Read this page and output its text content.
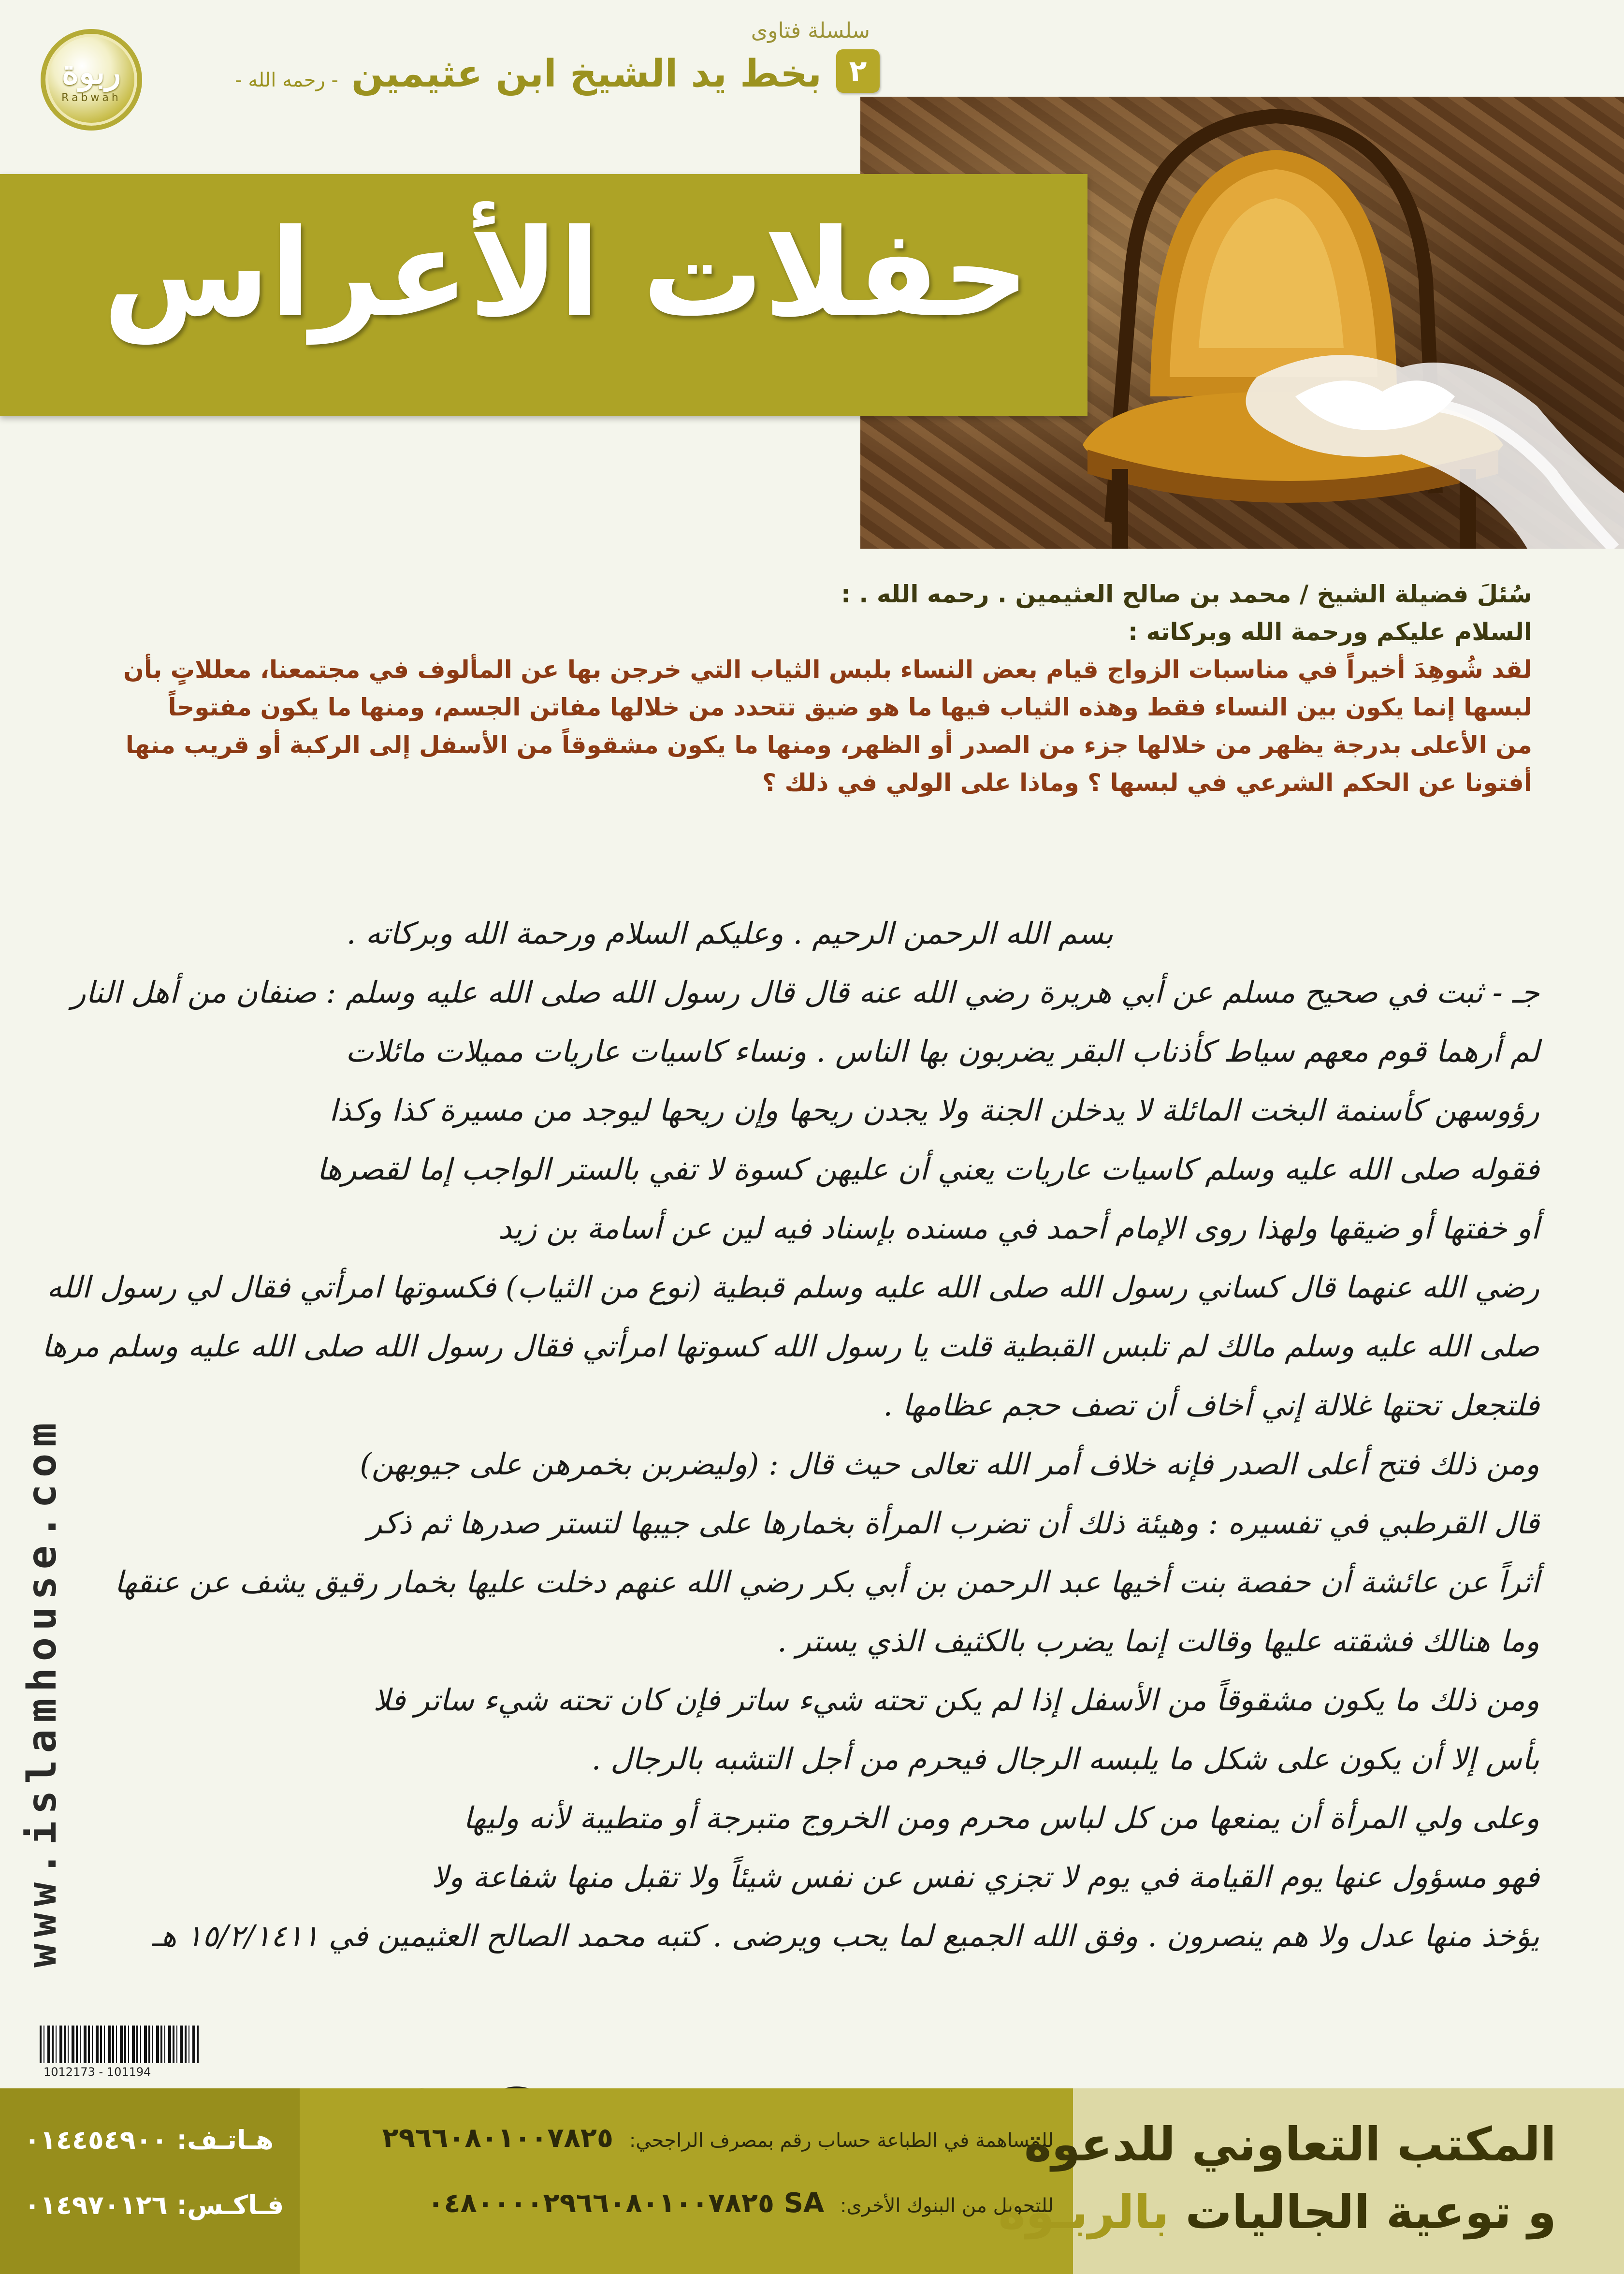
ربوة
Rabwah
سلسلة فتاوى
٢
بخط يد الشيخ ابن عثيمين - رحمه الله -
حفلات الأعراس
سُئلَ فضيلة الشيخ / محمد بن صالح العثيمين . رحمه الله . :
السلام عليكم ورحمة الله وبركاته :
لقد شُوهِدَ أخيراً في مناسبات الزواج قيام بعض النساء بلبس الثياب التي خرجن بها عن المألوف في مجتمعنا، معللاتٍ بأن
لبسها إنما يكون بين النساء فقط وهذه الثياب فيها ما هو ضيق تتحدد من خلالها مفاتن الجسم، ومنها ما يكون مفتوحاً
من الأعلى بدرجة يظهر من خلالها جزء من الصدر أو الظهر، ومنها ما يكون مشقوقاً من الأسفل إلى الركبة أو قريب منها
أفتونا عن الحكم الشرعي في لبسها ؟ وماذا على الولي في ذلك ؟
بسم الله الرحمن الرحيم . وعليكم السلام ورحمة الله وبركاته .
جـ - ثبت في صحيح مسلم عن أبي هريرة رضي الله عنه قال قال رسول الله صلى الله عليه وسلم : صنفان من أهل النار
لم أرهما قوم معهم سياط كأذناب البقر يضربون بها الناس . ونساء كاسيات عاريات مميلات مائلات
رؤوسهن كأسنمة البخت المائلة لا يدخلن الجنة ولا يجدن ريحها وإن ريحها ليوجد من مسيرة كذا وكذا
فقوله صلى الله عليه وسلم كاسيات عاريات يعني أن عليهن كسوة لا تفي بالستر الواجب إما لقصرها
أو خفتها أو ضيقها ولهذا روى الإمام أحمد في مسنده بإسناد فيه لين عن أسامة بن زيد
رضي الله عنهما قال كساني رسول الله صلى الله عليه وسلم قبطية (نوع من الثياب) فكسوتها امرأتي فقال لي رسول الله
صلى الله عليه وسلم مالك لم تلبس القبطية قلت يا رسول الله كسوتها امرأتي فقال رسول الله صلى الله عليه وسلم مرها
فلتجعل تحتها غلالة إني أخاف أن تصف حجم عظامها .
ومن ذلك فتح أعلى الصدر فإنه خلاف أمر الله تعالى حيث قال : (وليضربن بخمرهن على جيوبهن)
قال القرطبي في تفسيره : وهيئة ذلك أن تضرب المرأة بخمارها على جيبها لتستر صدرها ثم ذكر
أثراً عن عائشة أن حفصة بنت أخيها عبد الرحمن بن أبي بكر رضي الله عنهم دخلت عليها بخمار رقيق يشف عن عنقها
وما هنالك فشقته عليها وقالت إنما يضرب بالكثيف الذي يستر .
ومن ذلك ما يكون مشقوقاً من الأسفل إذا لم يكن تحته شيء ساتر فإن كان تحته شيء ساتر فلا
بأس إلا أن يكون على شكل ما يلبسه الرجال فيحرم من أجل التشبه بالرجال .
وعلى ولي المرأة أن يمنعها من كل لباس محرم ومن الخروج متبرجة أو متطيبة لأنه وليها
فهو مسؤول عنها يوم القيامة في يوم لا تجزي نفس عن نفس شيئاً ولا تقبل منها شفاعة ولا
يؤخذ منها عدل ولا هم ينصرون . وفق الله الجميع لما يحب ويرضى . كتبه محمد الصالح العثيمين في ١٥/٢/١٤١١ هـ
www.islamhouse.com
1012173 - 101194
هـاتـف: ٠١٤٤٥٤٩٠٠
فـاكـس: ٠١٤٩٧٠١٢٦
للمساهمة في الطباعة حساب رقم بمصرف الراجحي: ٢٩٦٦٠٨٠١٠٠٧٨٢٥
للتحويل من البنوك الأخرى: SA ٠٤٨٠٠٠٠٢٩٦٦٠٨٠١٠٠٧٨٢٥
المكتب التعاوني للدعوة
و توعية الجاليات بالربـوة
